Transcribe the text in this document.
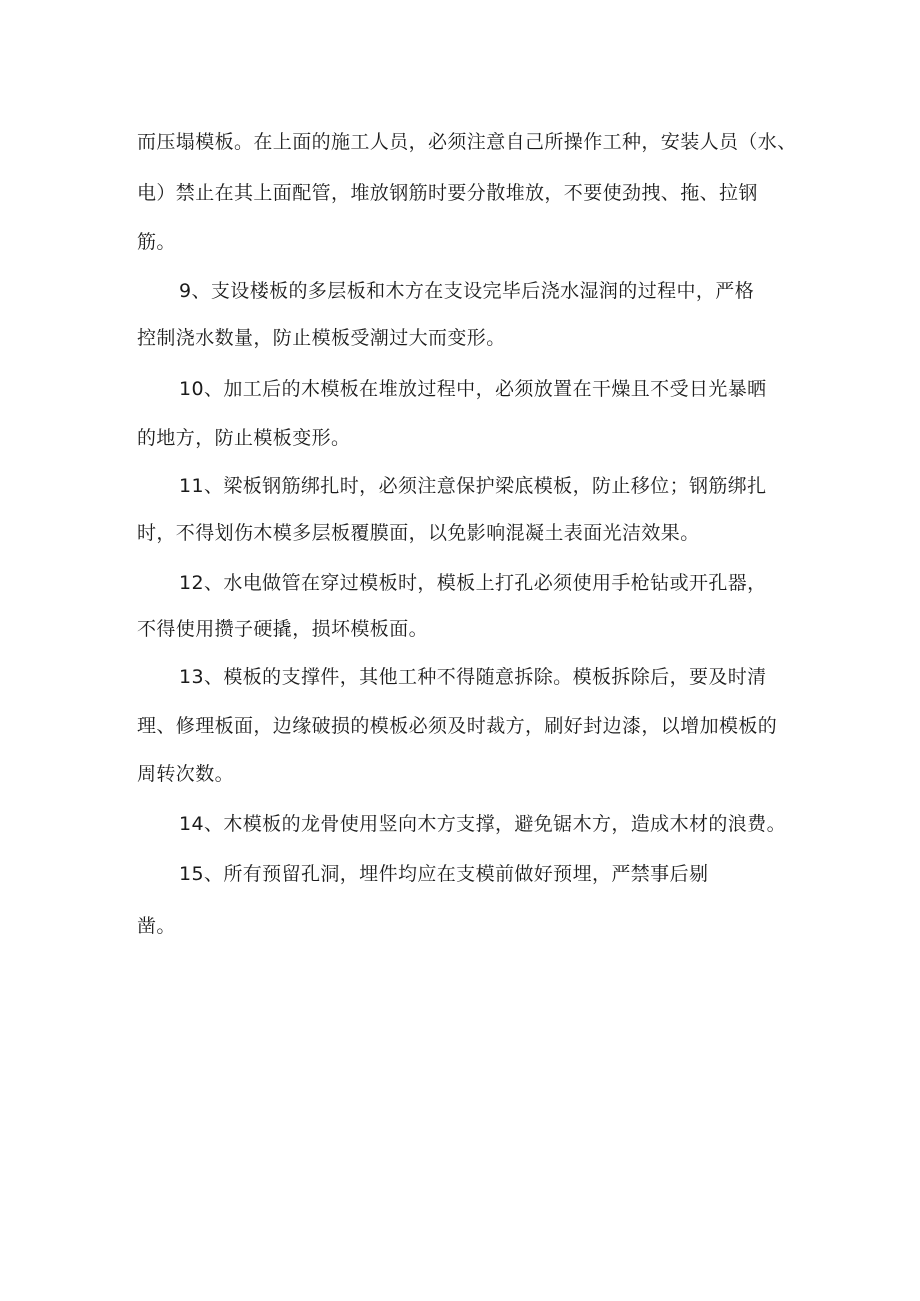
而压塌模板。在上面的施工人员，必须注意自己所操作工种，安装人员（水、
电）禁止在其上面配管，堆放钢筋时要分散堆放，不要使劲拽、拖、拉钢
筋。
9、支设楼板的多层板和木方在支设完毕后浇水湿润的过程中，严格
控制浇水数量，防止模板受潮过大而变形。
10、加工后的木模板在堆放过程中，必须放置在干燥且不受日光暴晒
的地方，防止模板变形。
11、梁板钢筋绑扎时，必须注意保护梁底模板，防止移位；钢筋绑扎
时，不得划伤木模多层板覆膜面，以免影响混凝土表面光洁效果。
12、水电做管在穿过模板时，模板上打孔必须使用手枪钻或开孔器，
不得使用攒子硬撬，损坏模板面。
13、模板的支撑件，其他工种不得随意拆除。模板拆除后，要及时清
理、修理板面，边缘破损的模板必须及时裁方，刷好封边漆，以增加模板的
周转次数。
14、木模板的龙骨使用竖向木方支撑，避免锯木方，造成木材的浪费。
15、所有预留孔洞，埋件均应在支模前做好预埋，严禁事后剔
凿。
